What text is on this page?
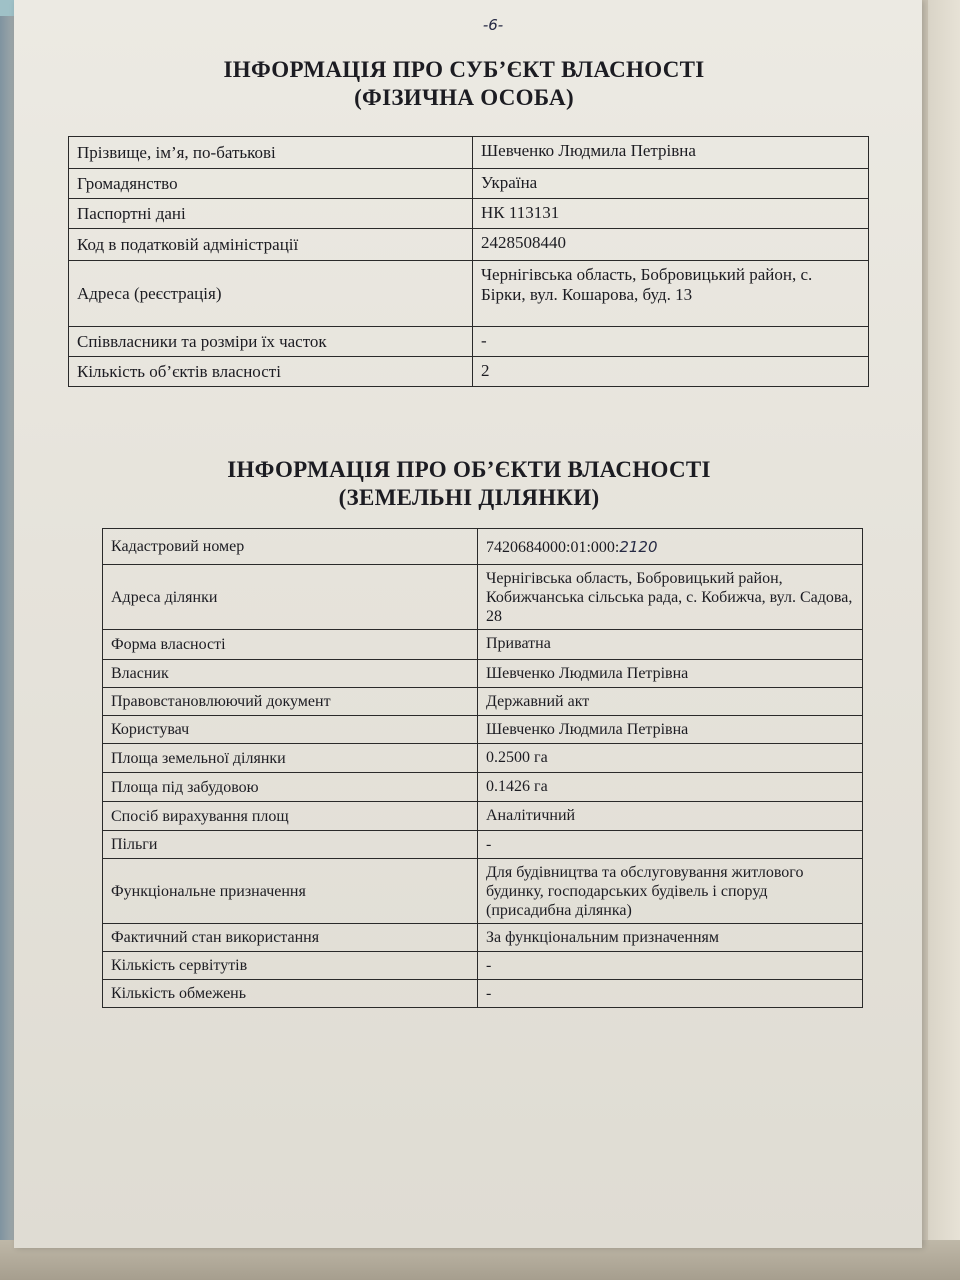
-6-
ІНФОРМАЦІЯ ПРО СУБ’ЄКТ ВЛАСНОСТІ
(ФІЗИЧНА ОСОБА)
Прізвище, ім’я, по-батькові	Шевченко Людмила Петрівна
Громадянство	Україна
Паспортні дані	НК 113131
Код в податковій адміністрації	2428508440
Адреса (реєстрація)	Чернігівська область, Бобровицький район, с. Бірки, вул. Кошарова, буд. 13
Співвласники та розміри їх часток	-
Кількість об’єктів власності	2
ІНФОРМАЦІЯ ПРО ОБ’ЄКТИ ВЛАСНОСТІ
(ЗЕМЕЛЬНІ ДІЛЯНКИ)
Кадастровий номер	7420684000:01:000:2120
Адреса ділянки	Чернігівська область, Бобровицький район, Кобижчанська сільська рада, с. Кобижча, вул. Садова, 28
Форма власності	Приватна
Власник	Шевченко Людмила Петрівна
Правовстановлюючий документ	Державний акт
Користувач	Шевченко Людмила Петрівна
Площа земельної ділянки	0.2500 га
Площа під забудовою	0.1426 га
Спосіб вирахування площ	Аналітичний
Пільги	-
Функціональне призначення	Для будівництва та обслуговування житлового будинку, господарських будівель і споруд (присадибна ділянка)
Фактичний стан використання	За функціональним призначенням
Кількість сервітутів	-
Кількість обмежень	-
